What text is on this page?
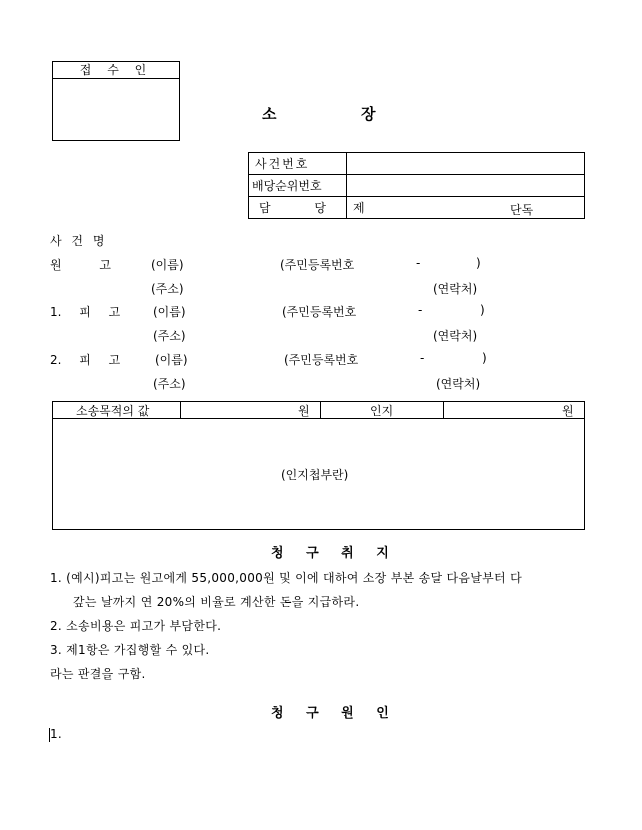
접 수 인
소	장
사건번호	
배당순위번호	
담 당	제 단독
사 건 명
원 고	(이름)	(주민등록번호	-	)
(주소)	(연락처)
1. 피 고	(이름)	(주민등록번호	-	)
(주소)	(연락처)
2. 피 고	(이름)	(주민등록번호	-	)
(주소)	(연락처)
소송목적의 값	원	인지	원
(인지첩부란)
청 구 취 지
1. (예시)피고는 원고에게 55,000,000원 및 이에 대하여 소장 부본 송달 다음날부터 다
갚는 날까지 연 20%의 비율로 계산한 돈을 지급하라.
2. 소송비용은 피고가 부담한다.
3. 제1항은 가집행할 수 있다.
라는 판결을 구함.
청 구 원 인
1.
